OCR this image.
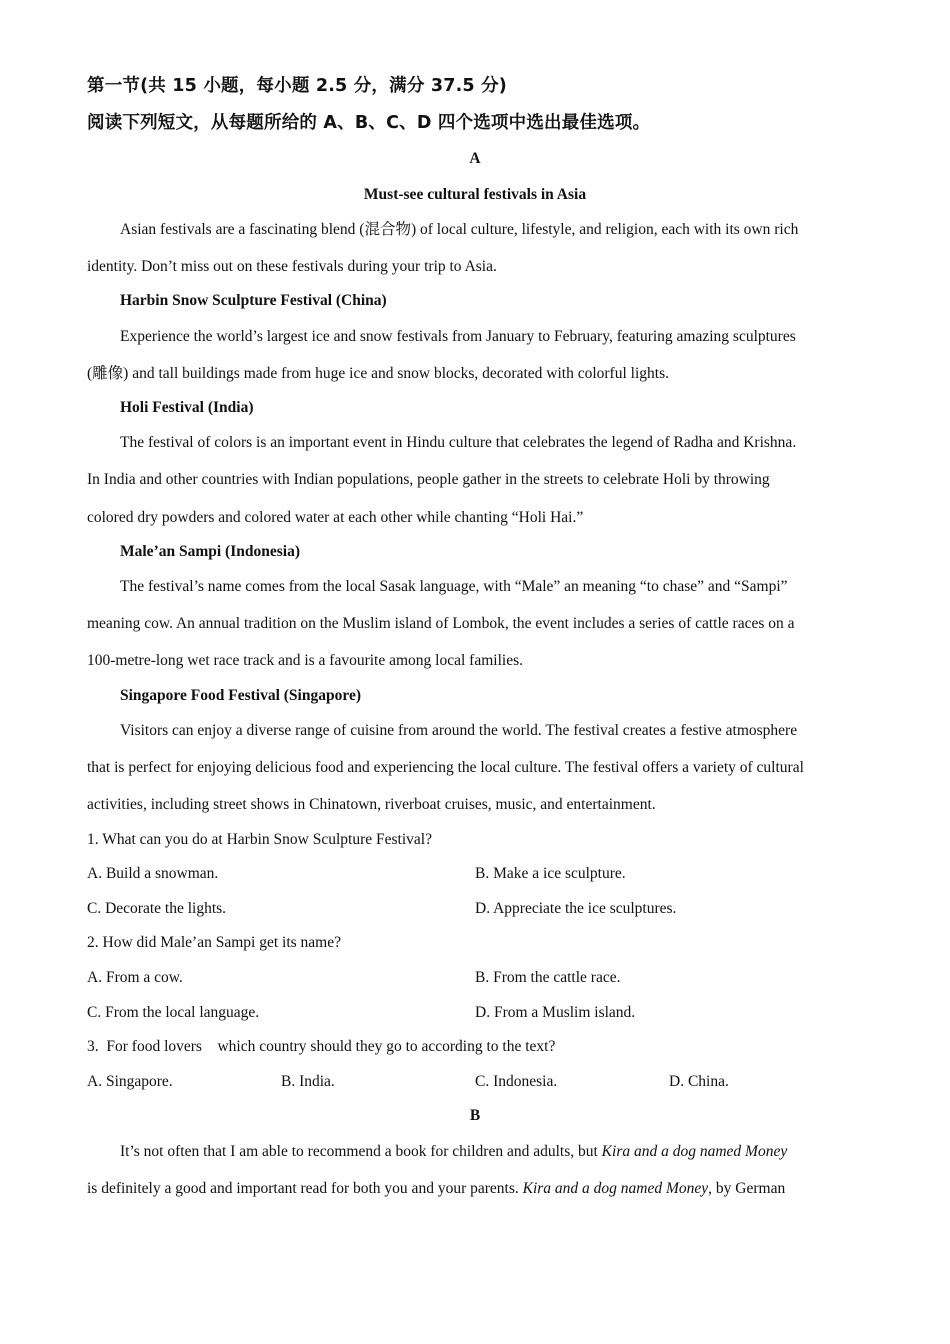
第一节(共 15 小题，每小题 2.5 分，满分 37.5 分)
阅读下列短文，从每题所给的 A、B、C、D 四个选项中选出最佳选项。
A
Must-see cultural festivals in Asia
Asian festivals are a fascinating blend (混合物) of local culture, lifestyle, and religion, each with its own rich
identity. Don’t miss out on these festivals during your trip to Asia.
Harbin Snow Sculpture Festival (China)
Experience the world’s largest ice and snow festivals from January to February, featuring amazing sculptures
(雕像) and tall buildings made from huge ice and snow blocks, decorated with colorful lights.
Holi Festival (India)
The festival of colors is an important event in Hindu culture that celebrates the legend of Radha and Krishna.
In India and other countries with Indian populations, people gather in the streets to celebrate Holi by throwing
colored dry powders and colored water at each other while chanting “Holi Hai.”
Male’an Sampi (Indonesia)
The festival’s name comes from the local Sasak language, with “Male” an meaning “to chase” and “Sampi”
meaning cow. An annual tradition on the Muslim island of Lombok, the event includes a series of cattle races on a
100-metre-long wet race track and is a favourite among local families.
Singapore Food Festival (Singapore)
Visitors can enjoy a diverse range of cuisine from around the world. The festival creates a festive atmosphere
that is perfect for enjoying delicious food and experiencing the local culture. The festival offers a variety of cultural
activities, including street shows in Chinatown, riverboat cruises, music, and entertainment.
1. What can you do at Harbin Snow Sculpture Festival?
A. Build a snowman.	B. Make a ice sculpture.
C. Decorate the lights.	D. Appreciate the ice sculptures.
2. How did Male’an Sampi get its name?
A. From a cow.	B. From the cattle race.
C. From the local language.	D. From a Muslim island.
3.  For food lovers    which country should they go to according to the text?
A. Singapore.	B. India.	C. Indonesia.	D. China.
B
It’s not often that I am able to recommend a book for children and adults, but Kira and a dog named Money
is definitely a good and important read for both you and your parents. Kira and a dog named Money, by German
